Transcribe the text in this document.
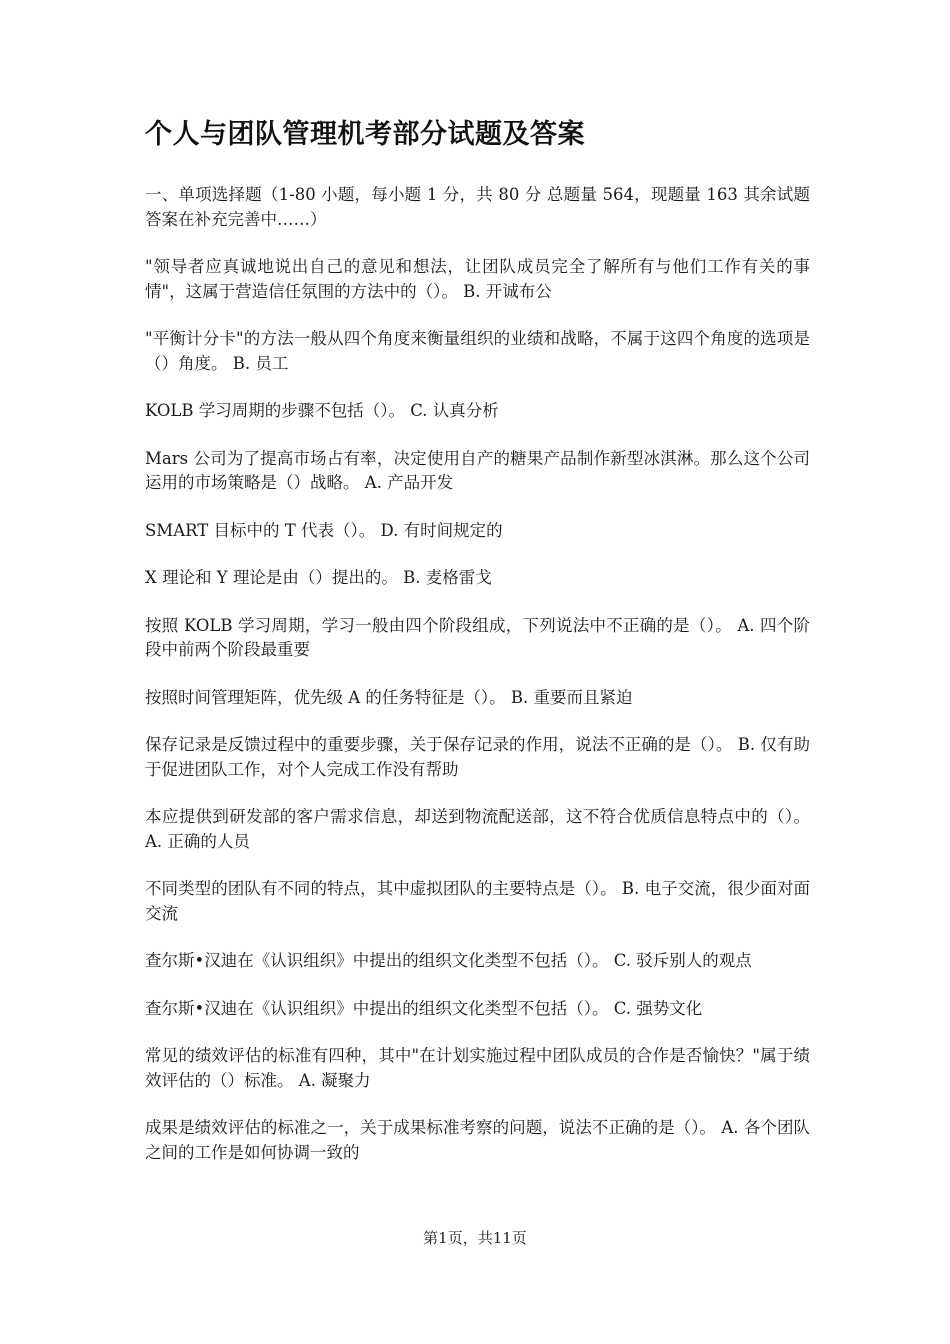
个人与团队管理机考部分试题及答案

一、单项选择题（1-80 小题，每小题 1 分，共 80 分 总题量 564，现题量 163 其余试题答案在补充完善中……）

"领导者应真诚地说出自己的意见和想法，让团队成员完全了解所有与他们工作有关的事情"，这属于营造信任氛围的方法中的（）。 B. 开诚布公

"平衡计分卡"的方法一般从四个角度来衡量组织的业绩和战略，不属于这四个角度的选项是（）角度。 B. 员工

KOLB 学习周期的步骤不包括（）。 C. 认真分析

Mars 公司为了提高市场占有率，决定使用自产的糖果产品制作新型冰淇淋。那么这个公司运用的市场策略是（）战略。 A. 产品开发

SMART 目标中的 T 代表（）。 D. 有时间规定的

X 理论和 Y 理论是由（）提出的。 B. 麦格雷戈

按照 KOLB 学习周期，学习一般由四个阶段组成，下列说法中不正确的是（）。 A. 四个阶段中前两个阶段最重要

按照时间管理矩阵，优先级 A 的任务特征是（）。 B. 重要而且紧迫

保存记录是反馈过程中的重要步骤，关于保存记录的作用，说法不正确的是（）。 B. 仅有助于促进团队工作，对个人完成工作没有帮助

本应提供到研发部的客户需求信息，却送到物流配送部，这不符合优质信息特点中的（）。 A. 正确的人员

不同类型的团队有不同的特点，其中虚拟团队的主要特点是（）。 B. 电子交流，很少面对面交流

查尔斯•汉迪在《认识组织》中提出的组织文化类型不包括（）。 C. 驳斥别人的观点

查尔斯•汉迪在《认识组织》中提出的组织文化类型不包括（）。 C. 强势文化

常见的绩效评估的标准有四种，其中"在计划实施过程中团队成员的合作是否愉快？"属于绩效评估的（）标准。 A. 凝聚力

成果是绩效评估的标准之一，关于成果标准考察的问题，说法不正确的是（）。 A. 各个团队之间的工作是如何协调一致的

第1页，共11页
